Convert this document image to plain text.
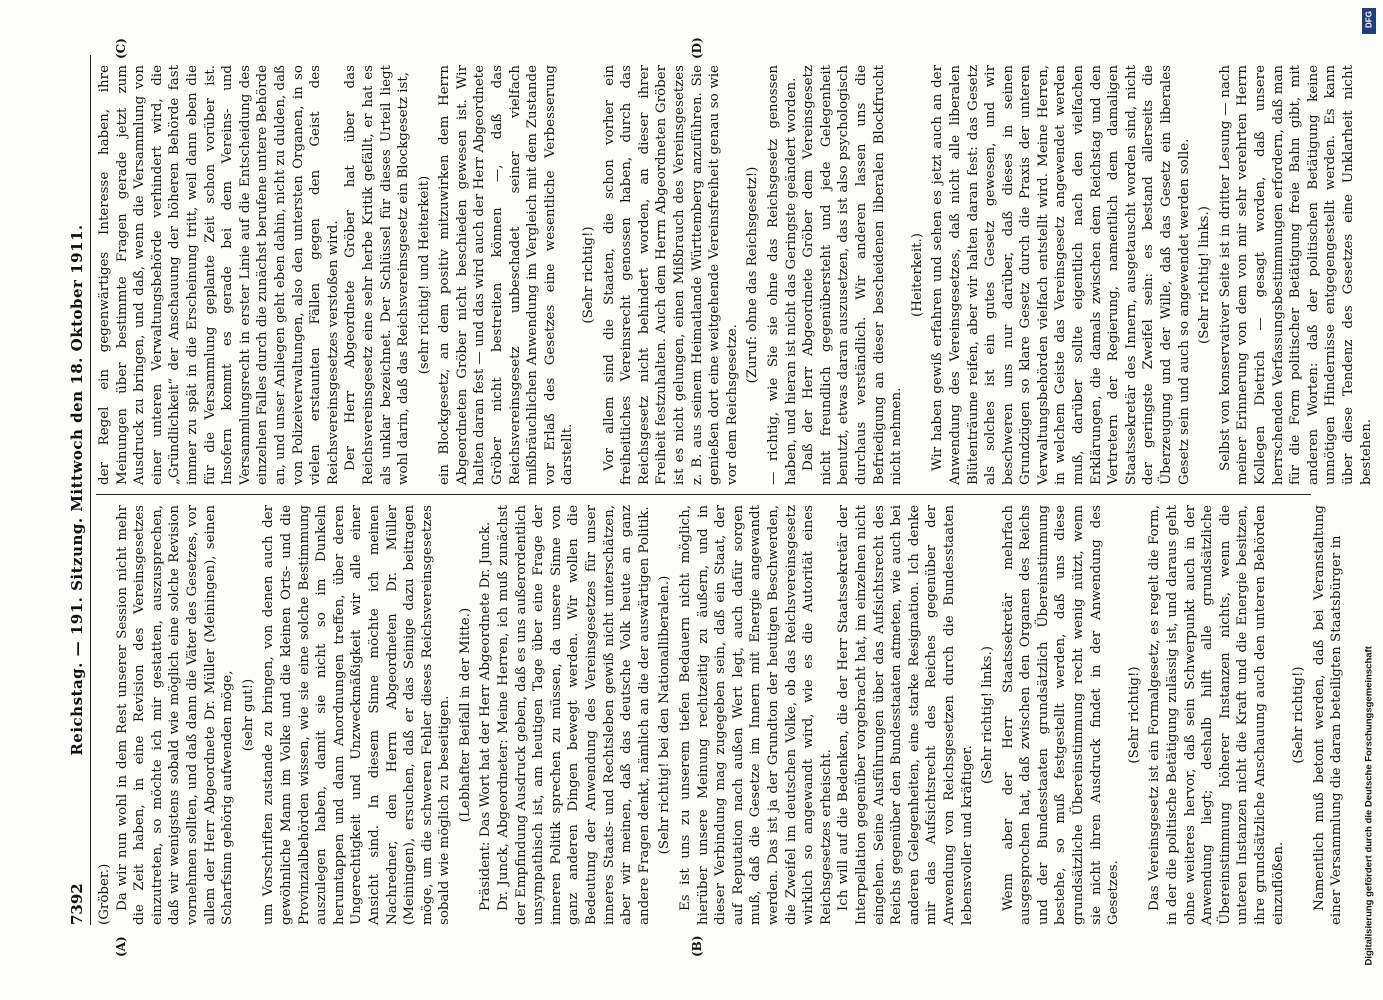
7392
Reichstag. — 191. Sitzung. Mittwoch den 18. Oktober 1911.
(A)	(B)
(C)	(D)

(Gröber.) Da wir nun wohl in dem Rest unserer Session nicht mehr die Zeit haben, in eine Revision des Vereinsgesetzes einzutreten, so möchte ich mir gestatten, auszusprechen, daß wir wenigstens sobald wie möglich eine solche Revision vornehmen sollten, und daß dann die Väter des Gesetzes, vor allem der Herr Abgeordnete Dr. Müller (Meiningen), seinen Scharfsinn gehörig aufwenden möge, (sehr gut!) um Vorschriften zustande zu bringen, von denen auch der gewöhnliche Mann im Volke und die kleinen Orts- und die Provinzialbehörden wissen, wie sie eine solche Bestimmung auszulegen haben, damit sie nicht so im Dunkeln herumtappen und dann Anordnungen treffen, über deren Ungerechtigkeit und Unzweckmäßigkeit wir alle einer Ansicht sind. In diesem Sinne möchte ich meinen Nachredner, den Herrn Abgeordneten Dr. Müller (Meiningen), ersuchen, daß er das Seinige dazu beitragen möge, um die schweren Fehler dieses Reichsvereinsgesetzes sobald wie möglich zu beseitigen. (Lebhafter Beifall in der Mitte.) Präsident: Das Wort hat der Herr Abgeordnete Dr. Junck. Dr. Junck, Abgeordneter: Meine Herren, ich muß zunächst der Empfindung Ausdruck geben, daß es uns außerordentlich unsympathisch ist, am heutigen Tage über eine Frage der inneren Politik sprechen zu müssen, da unsere Sinne von ganz anderen Dingen bewegt werden. Wir wollen die Bedeutung der Anwendung des Vereinsgesetzes für unser inneres Staats- und Rechtsleben gewiß nicht unterschätzen, aber wir meinen, daß das deutsche Volk heute an ganz andere Fragen denkt, nämlich an die der auswärtigen Politik. (Sehr richtig! bei den Nationalliberalen.) Es ist uns zu unserem tiefen Bedauern nicht möglich, hierüber unsere Meinung rechtzeitig zu äußern, und in dieser Verbindung mag zugegeben sein, daß ein Staat, der auf Reputation nach außen Wert legt, auch dafür sorgen muß, daß die Gesetze im Innern mit Energie angewandt werden. Das ist ja der Grundton der heutigen Beschwerden, die Zweifel im deutschen Volke, ob das Reichsvereinsgesetz wirklich so angewandt wird, wie es die Autorität eines Reichsgesetzes erheischt. Ich will auf die Bedenken, die der Herr Staatssekretär der Interpellation gegenüber vorgebracht hat, im einzelnen nicht eingehen. Seine Ausführungen über das Aufsichtsrecht des Reichs gegenüber den Bundesstaaten atmeten, wie auch bei anderen Gelegenheiten, eine starke Resignation. Ich denke mir das Aufsichtsrecht des Reiches gegenüber der Anwendung von Reichsgesetzen durch die Bundesstaaten lebensvoller und kräftiger.

(Sehr richtig! links.) Wenn aber der Herr Staatssekretär mehrfach ausgesprochen hat, daß zwischen den Organen des Reichs und der Bundesstaaten grundsätzlich Übereinstimmung bestehe, so muß festgestellt werden, daß uns diese grundsätzliche Übereinstimmung recht wenig nützt, wenn sie nicht ihren Ausdruck findet in der Anwendung des Gesetzes.

(Sehr richtig!) Das Vereinsgesetz ist ein Formalgesetz, es regelt die Form, in der die politische Betätigung zulässig ist, und daraus geht ohne weiteres hervor, daß sein Schwerpunkt auch in der Anwendung liegt; deshalb hilft alle grundsätzliche Übereinstimmung höherer Instanzen nichts, wenn die unteren Instanzen nicht die Kraft und die Energie besitzen, ihre grundsätzliche Anschauung auch den unteren Behörden einzuflößen.

(Sehr richtig!) Namentlich muß betont werden, daß bei Veranstaltung einer Versammlung die daran beteiligten Staatsbürger in

der Regel ein gegenwärtiges Interesse haben, ihre Meinungen über bestimmte Fragen gerade jetzt zum Ausdruck zu bringen, und daß, wenn die Versammlung von einer unteren Verwaltungsbehörde verhindert wird, die „Gründlichkeit“ der Anschauung der höheren Behörde fast immer zu spät in die Erscheinung tritt, weil dann eben die für die Versammlung geplante Zeit schon vorüber ist. Insofern kommt es gerade bei dem Vereins- und Versammlungsrecht in erster Linie auf die Entscheidung des einzelnen Falles durch die zunächst berufene untere Behörde an, und unser Anliegen geht eben dahin, nicht zu dulden, daß von Polizeiverwaltungen, also den untersten Organen, in so vielen erstaunten Fällen gegen den Geist des Reichsvereinsgesetzes verstoßen wird. Der Herr Abgeordnete Gröber hat über das Reichsvereinsgesetz eine sehr herbe Kritik gefällt, er hat es als unklar bezeichnet. Der Schlüssel für dieses Urteil liegt wohl darin, daß das Reichsvereinsgesetz ein Blockgesetz ist, (sehr richtig! und Heiterkeit) ein Blockgesetz, an dem positiv mitzuwirken dem Herrn Abgeordneten Gröber nicht beschieden gewesen ist. Wir halten daran fest — und das wird auch der Herr Abgeordnete Gröber nicht bestreiten können —, daß das Reichsvereinsgesetz unbeschadet seiner vielfach mißbräuchlichen Anwendung im Vergleich mit dem Zustande vor Erlaß des Gesetzes eine wesentliche Verbesserung darstellt.

(Sehr richtig!) Vor allem sind die Staaten, die schon vorher ein freiheitliches Vereinsrecht genossen haben, durch das Reichsgesetz nicht behindert worden, an dieser ihrer Freiheit festzuhalten. Auch dem Herrn Abgeordneten Gröber ist es nicht gelungen, einen Mißbrauch des Vereinsgesetzes z. B. aus seinem Heimatlande Württemberg anzuführen. Sie genießen dort eine weitgehende Vereinsfreiheit genau so wie vor dem Reichsgesetze.

(Zuruf: ohne das Reichsgesetz!) — richtig, wie Sie sie ohne das Reichsgesetz genossen haben, und hieran ist nicht das Geringste geändert worden. Daß der Herr Abgeordnete Gröber dem Vereinsgesetz nicht freundlich gegenübersteht und jede Gelegenheit benutzt, etwas daran auszusetzen, das ist also psychologisch durchaus verständlich. Wir anderen lassen uns die Befriedigung an dieser bescheidenen liberalen Blockfrucht nicht nehmen.

(Heiterkeit.) Wir haben gewiß erfahren und sehen es jetzt auch an der Anwendung des Vereinsgesetzes, daß nicht alle liberalen Blütenträume reifen, aber wir halten daran fest: das Gesetz als solches ist ein gutes Gesetz gewesen, und wir beschweren uns nur darüber, daß dieses in seinen Grundzügen so klare Gesetz durch die Praxis der unteren Verwaltungsbehörden vielfach entstellt wird. Meine Herren, in welchem Geiste das Vereinsgesetz angewendet werden muß, darüber sollte eigentlich nach den vielfachen Erklärungen, die damals zwischen dem Reichstag und den Vertretern der Regierung, namentlich dem damaligen Staatssekretär des Innern, ausgetauscht worden sind, nicht der geringste Zweifel sein: es bestand allerseits die Überzeugung und der Wille, daß das Gesetz ein liberales Gesetz sein und auch so angewendet werden solle. (Sehr richtig! links.) Selbst von konservativer Seite ist in dritter Lesung — nach meiner Erinnerung von dem von mir sehr verehrten Herrn Kollegen Dietrich — gesagt worden, daß unsere herrschenden Verfassungsbestimmungen erfordern, daß man für die Form politischer Betätigung freie Bahn gibt, mit anderen Worten: daß der politischen Betätigung keine unnötigen Hindernisse entgegengestellt werden. Es kann über diese Tendenz des Gesetzes eine Unklarheit nicht bestehen.

DFG
Digitalisierung gefördert durch die Deutsche Forschungsgemeinschaft
